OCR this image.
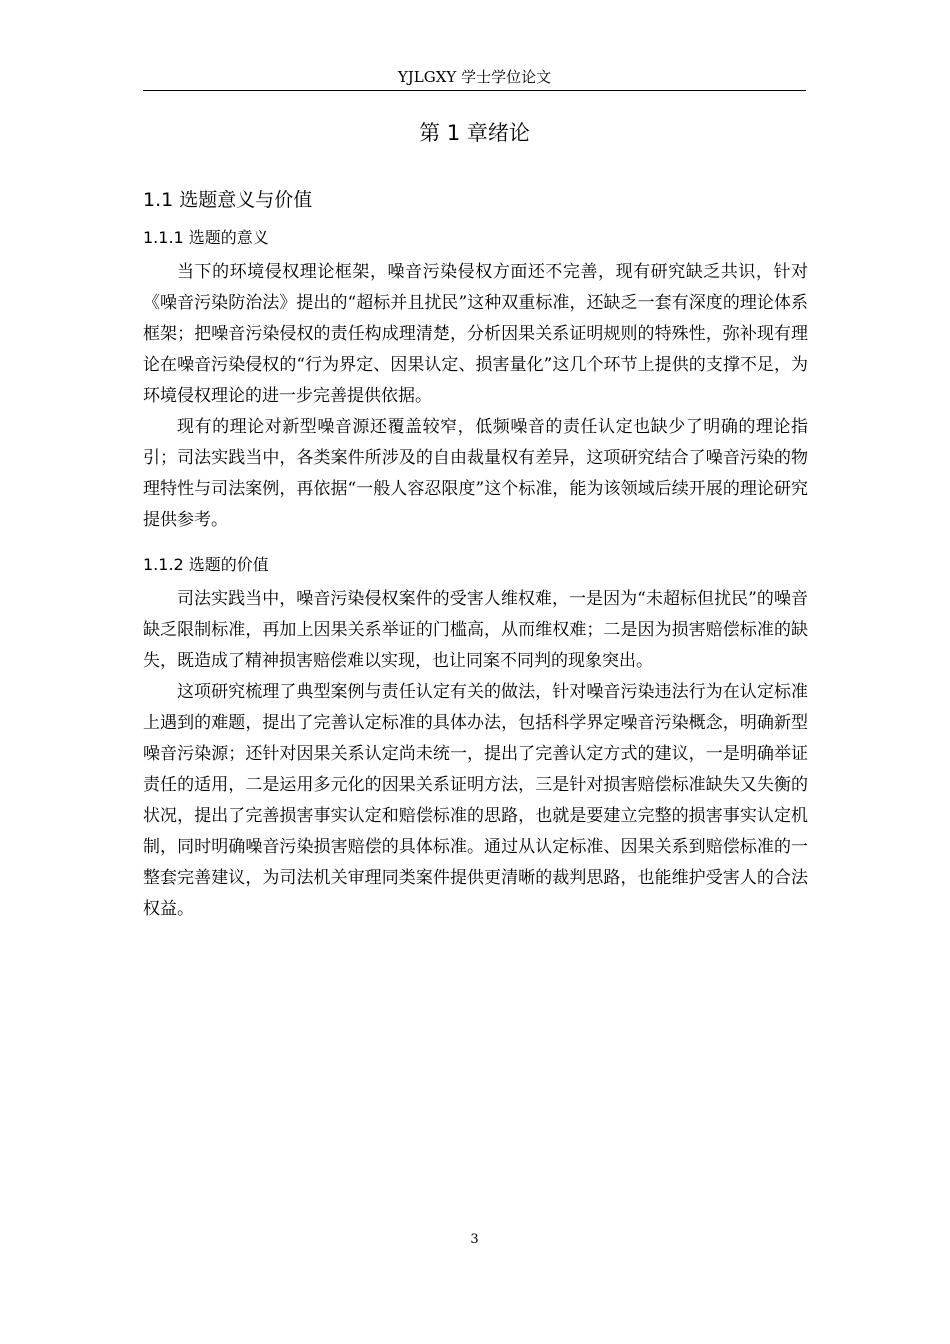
YJLGXY 学士学位论文
第 1 章绪论
1.1 选题意义与价值
1.1.1 选题的意义

当下的环境侵权理论框架，噪音污染侵权方面还不完善，现有研究缺乏共识，针对《噪音污染防治法》提出的“超标并且扰民”这种双重标准，还缺乏一套有深度的理论体系框架；把噪音污染侵权的责任构成理清楚，分析因果关系证明规则的特殊性，弥补现有理论在噪音污染侵权的“行为界定、因果认定、损害量化”这几个环节上提供的支撑不足，为环境侵权理论的进一步完善提供依据。

现有的理论对新型噪音源还覆盖较窄，低频噪音的责任认定也缺少了明确的理论指引；司法实践当中，各类案件所涉及的自由裁量权有差异，这项研究结合了噪音污染的物理特性与司法案例，再依据“一般人容忍限度”这个标准，能为该领域后续开展的理论研究提供参考。

1.1.2 选题的价值

司法实践当中，噪音污染侵权案件的受害人维权难，一是因为“未超标但扰民”的噪音缺乏限制标准，再加上因果关系举证的门槛高，从而维权难；二是因为损害赔偿标准的缺失，既造成了精神损害赔偿难以实现，也让同案不同判的现象突出。

这项研究梳理了典型案例与责任认定有关的做法，针对噪音污染违法行为在认定标准上遇到的难题，提出了完善认定标准的具体办法，包括科学界定噪音污染概念，明确新型噪音污染源；还针对因果关系认定尚未统一，提出了完善认定方式的建议，一是明确举证责任的适用，二是运用多元化的因果关系证明方法，三是针对损害赔偿标准缺失又失衡的状况，提出了完善损害事实认定和赔偿标准的思路，也就是要建立完整的损害事实认定机制，同时明确噪音污染损害赔偿的具体标准。通过从认定标准、因果关系到赔偿标准的一整套完善建议，为司法机关审理同类案件提供更清晰的裁判思路，也能维护受害人的合法权益。

3
